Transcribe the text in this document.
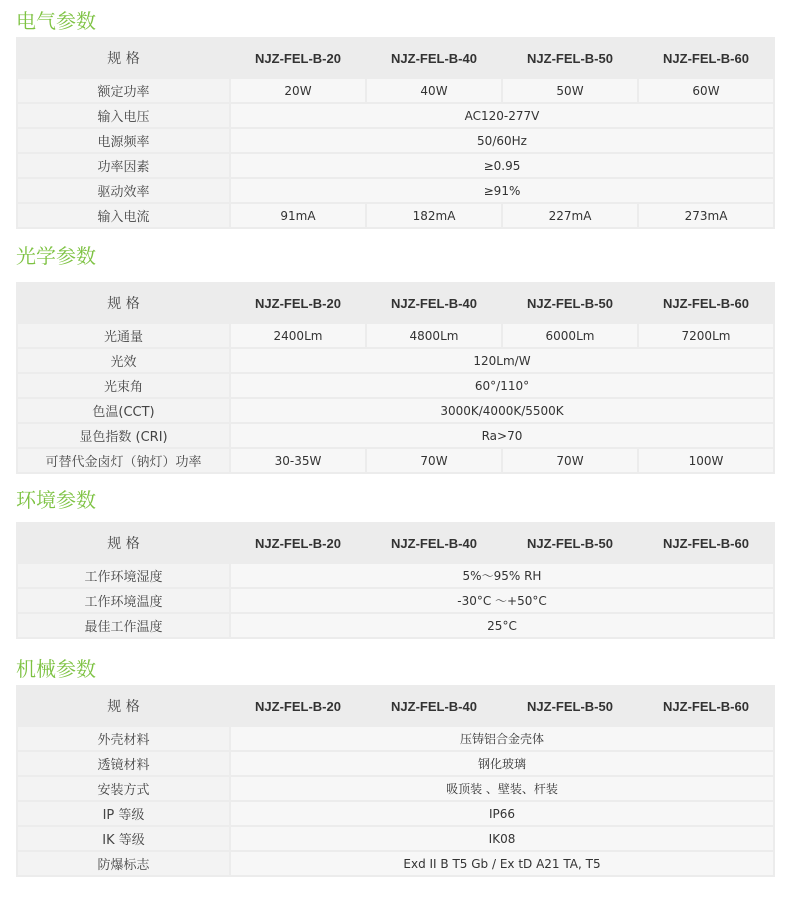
电气参数
规 格	NJZ-FEL-B-20	NJZ-FEL-B-40	NJZ-FEL-B-50	NJZ-FEL-B-60
额定功率	20W	40W	50W	60W
输入电压	AC120-277V			
电源频率	50/60Hz			
功率因素	≥0.95			
驱动效率	≥91%			
输入电流	91mA	182mA	227mA	273mA
光学参数
规 格	NJZ-FEL-B-20	NJZ-FEL-B-40	NJZ-FEL-B-50	NJZ-FEL-B-60
光通量	2400Lm	4800Lm	6000Lm	7200Lm
光效	120Lm/W			
光束角	60°/110°			
色温(CCT)	3000K/4000K/5500K			
显色指数 (CRI)	Ra>70			
可替代金卤灯（钠灯）功率	30-35W	70W	70W	100W
环境参数
规 格	NJZ-FEL-B-20	NJZ-FEL-B-40	NJZ-FEL-B-50	NJZ-FEL-B-60
工作环境湿度	5%～95% RH			
工作环境温度	-30°C ～+50°C			
最佳工作温度	25°C			
机械参数
规 格	NJZ-FEL-B-20	NJZ-FEL-B-40	NJZ-FEL-B-50	NJZ-FEL-B-60
外壳材料	压铸铝合金壳体			
透镜材料	钢化玻璃			
安装方式	吸顶装 、壁装、杆装			
IP 等级	IP66			
IK 等级	IK08			
防爆标志	Exd II B T5 Gb / Ex tD A21 TA, T5			
